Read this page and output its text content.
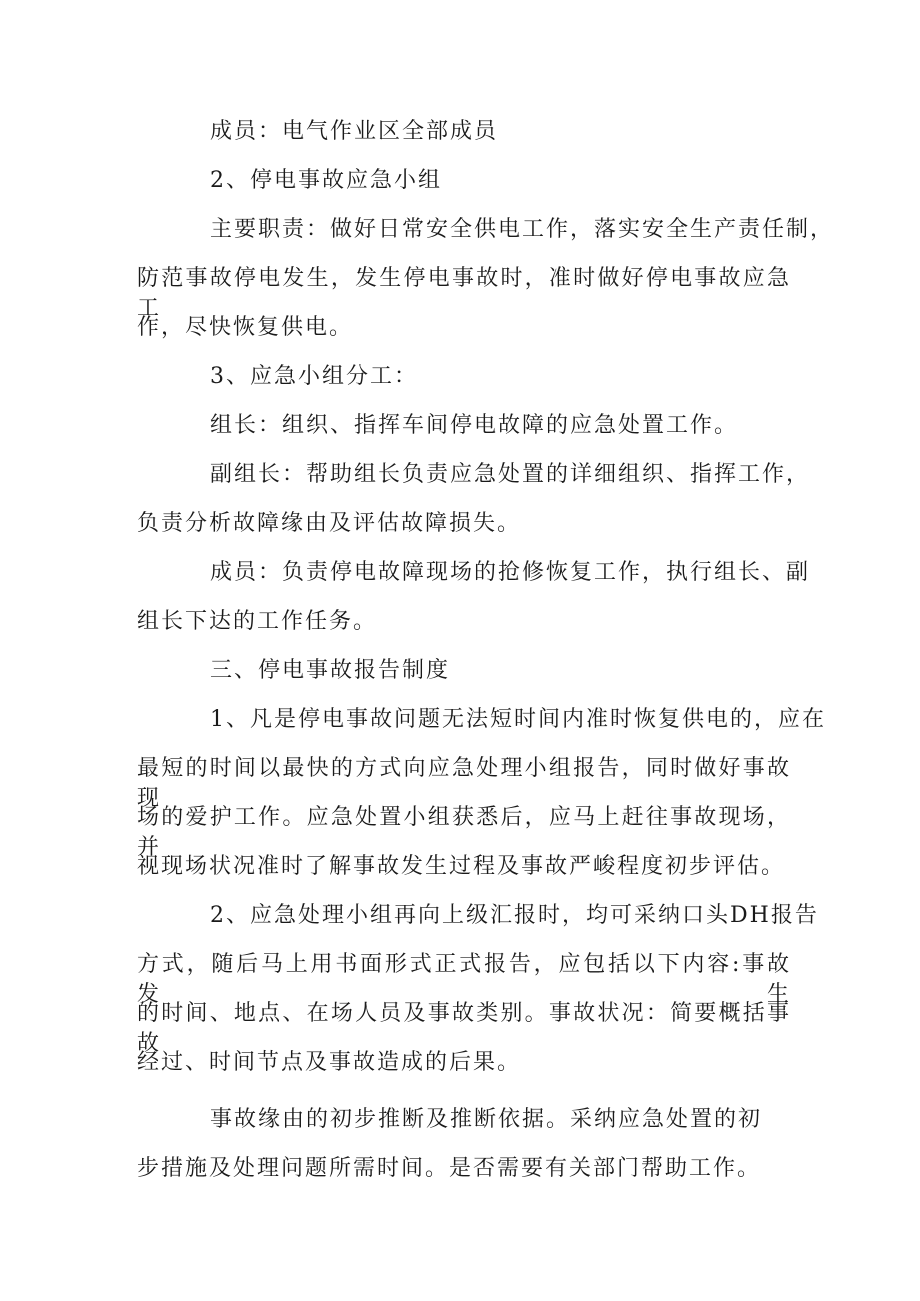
成员：电气作业区全部成员
2、停电事故应急小组
主要职责：做好日常安全供电工作，落实安全生产责任制，
防范事故停电发生，发生停电事故时，准时做好停电事故应急工
作，尽快恢复供电。
3、应急小组分工：
组长：组织、指挥车间停电故障的应急处置工作。
副组长：帮助组长负责应急处置的详细组织、指挥工作，
负责分析故障缘由及评估故障损失。
成员：负责停电故障现场的抢修恢复工作，执行组长、副
组长下达的工作任务。
三、停电事故报告制度
1、凡是停电事故问题无法短时间内准时恢复供电的，应在
最短的时间以最快的方式向应急处理小组报告，同时做好事故现
场的爱护工作。应急处置小组获悉后，应马上赶往事故现场，并
视现场状况准时了解事故发生过程及事故严峻程度初步评估。
2、应急处理小组再向上级汇报时，均可采纳口头DH报告
方式，随后马上用书面形式正式报告，应包括以下内容:事故发生
的时间、地点、在场人员及事故类别。事故状况：简要概括事故
经过、时间节点及事故造成的后果。
事故缘由的初步推断及推断依据。采纳应急处置的初
步措施及处理问题所需时间。是否需要有关部门帮助工作。
